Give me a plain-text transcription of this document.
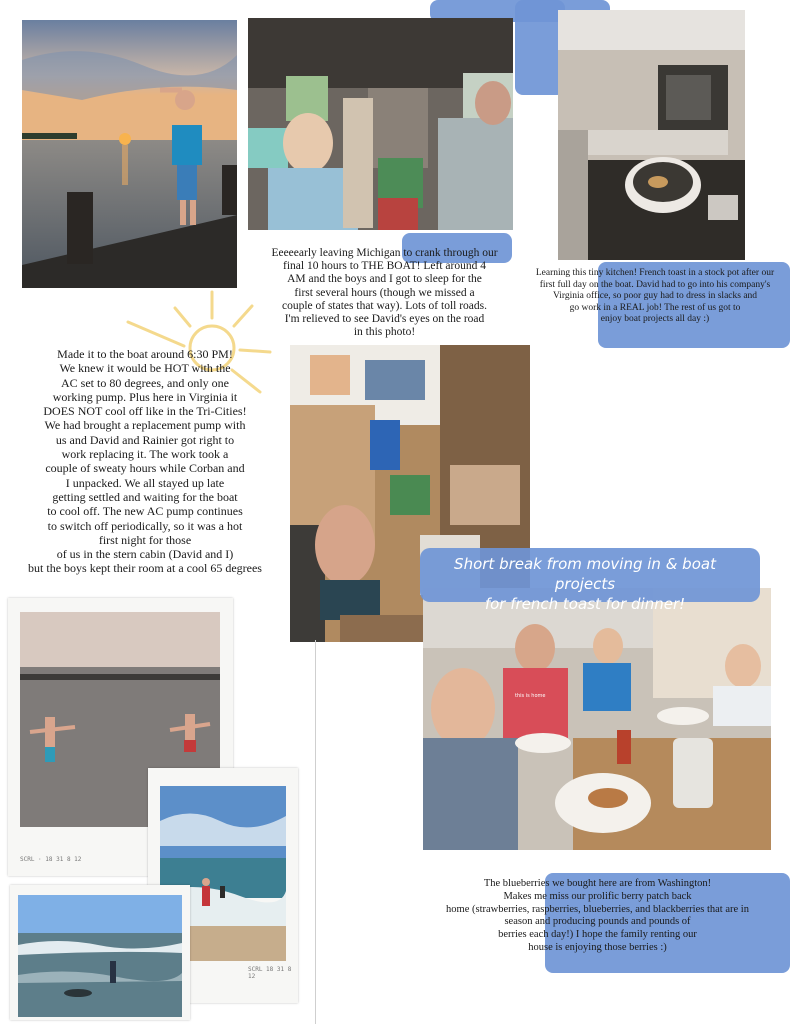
SCRL · 18 31 8 12
SCRL 18 31 8 12
this is home
Short break from moving in & boat projects
for french toast for dinner!
Eeeeearly leaving Michigan to crank through our
final 10 hours to THE BOAT! Left around 4
AM and the boys and I got to sleep for the
first several hours (though we missed a
couple of states that way). Lots of toll roads.
I'm relieved to see David's eyes on the road
in this photo!
Learning this tiny kitchen! French toast in a stock pot after our
first full day on the boat. David had to go into his company's
Virginia office, so poor guy had to dress in slacks and
go work in a REAL job! The rest of us got to
enjoy boat projects all day :)
Made it to the boat around 6:30 PM!
We knew it would be HOT with the
AC set to 80 degrees, and only one
working pump. Plus here in Virginia it
DOES NOT cool off like in the Tri-Cities!
We had brought a replacement pump with
us and David and Rainier got right to
work replacing it. The work took a
couple of sweaty hours while Corban and
I unpacked. We all stayed up late
getting settled and waiting for the boat
to cool off. The new AC pump continues
to switch off periodically, so it was a hot
first night for those
of us in the stern cabin (David and I)
but the boys kept their room at a cool 65 degrees
The blueberries we bought here are from Washington!
Makes me miss our prolific berry patch back
home (strawberries, raspberries, blueberries, and blackberries that are in
season and producing pounds and pounds of
berries each day!) I hope the family renting our
house is enjoying those berries :)
